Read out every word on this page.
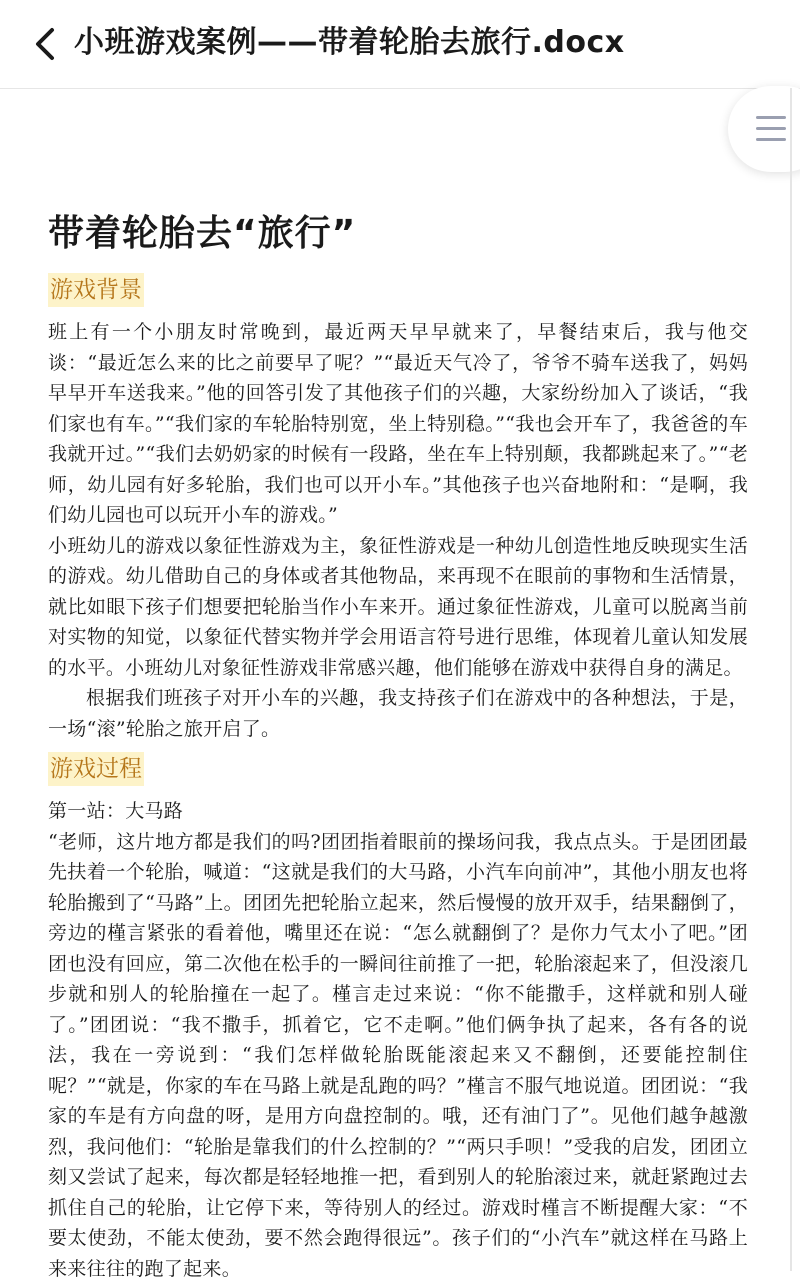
小班游戏案例——带着轮胎去旅行.docx
带着轮胎去“旅行”
游戏背景

班上有一个小朋友时常晚到，最近两天早早就来了，早餐结束后，我与他交谈：“最近怎么来的比之前要早了呢？”“最近天气冷了，爷爷不骑车送我了，妈妈早早开车送我来。”他的回答引发了其他孩子们的兴趣，大家纷纷加入了谈话，“我们家也有车。”“我们家的车轮胎特别宽，坐上特别稳。”“我也会开车了，我爸爸的车我就开过。”“我们去奶奶家的时候有一段路，坐在车上特别颠，我都跳起来了。”“老师，幼儿园有好多轮胎，我们也可以开小车。”其他孩子也兴奋地附和：“是啊，我们幼儿园也可以玩开小车的游戏。”

小班幼儿的游戏以象征性游戏为主，象征性游戏是一种幼儿创造性地反映现实生活的游戏。幼儿借助自己的身体或者其他物品，来再现不在眼前的事物和生活情景，就比如眼下孩子们想要把轮胎当作小车来开。通过象征性游戏，儿童可以脱离当前对实物的知觉，以象征代替实物并学会用语言符号进行思维，体现着儿童认知发展的水平。小班幼儿对象征性游戏非常感兴趣，他们能够在游戏中获得自身的满足。

根据我们班孩子对开小车的兴趣，我支持孩子们在游戏中的各种想法，于是，一场“滚”轮胎之旅开启了。

游戏过程

第一站：大马路

“老师，这片地方都是我们的吗?团团指着眼前的操场问我，我点点头。于是团团最先扶着一个轮胎，喊道：“这就是我们的大马路，小汽车向前冲”，其他小朋友也将轮胎搬到了“马路”上。团团先把轮胎立起来，然后慢慢的放开双手，结果翻倒了，旁边的槿言紧张的看着他，嘴里还在说：“怎么就翻倒了？是你力气太小了吧。”团团也没有回应，第二次他在松手的一瞬间往前推了一把，轮胎滚起来了，但没滚几步就和别人的轮胎撞在一起了。槿言走过来说：“你不能撒手，这样就和别人碰了。”团团说：“我不撒手，抓着它，它不走啊。”他们俩争执了起来，各有各的说法，我在一旁说到：“我们怎样做轮胎既能滚起来又不翻倒，还要能控制住呢？”“就是，你家的车在马路上就是乱跑的吗？”槿言不服气地说道。团团说：“我家的车是有方向盘的呀，是用方向盘控制的。哦，还有油门了”。见他们越争越激烈，我问他们：“轮胎是靠我们的什么控制的？”“两只手呗！”受我的启发，团团立刻又尝试了起来，每次都是轻轻地推一把，看到别人的轮胎滚过来，就赶紧跑过去抓住自己的轮胎，让它停下来，等待别人的经过。游戏时槿言不断提醒大家：“不要太使劲，不能太使劲，要不然会跑得很远”。孩子们的“小汽车”就这样在马路上来来往往的跑了起来。
